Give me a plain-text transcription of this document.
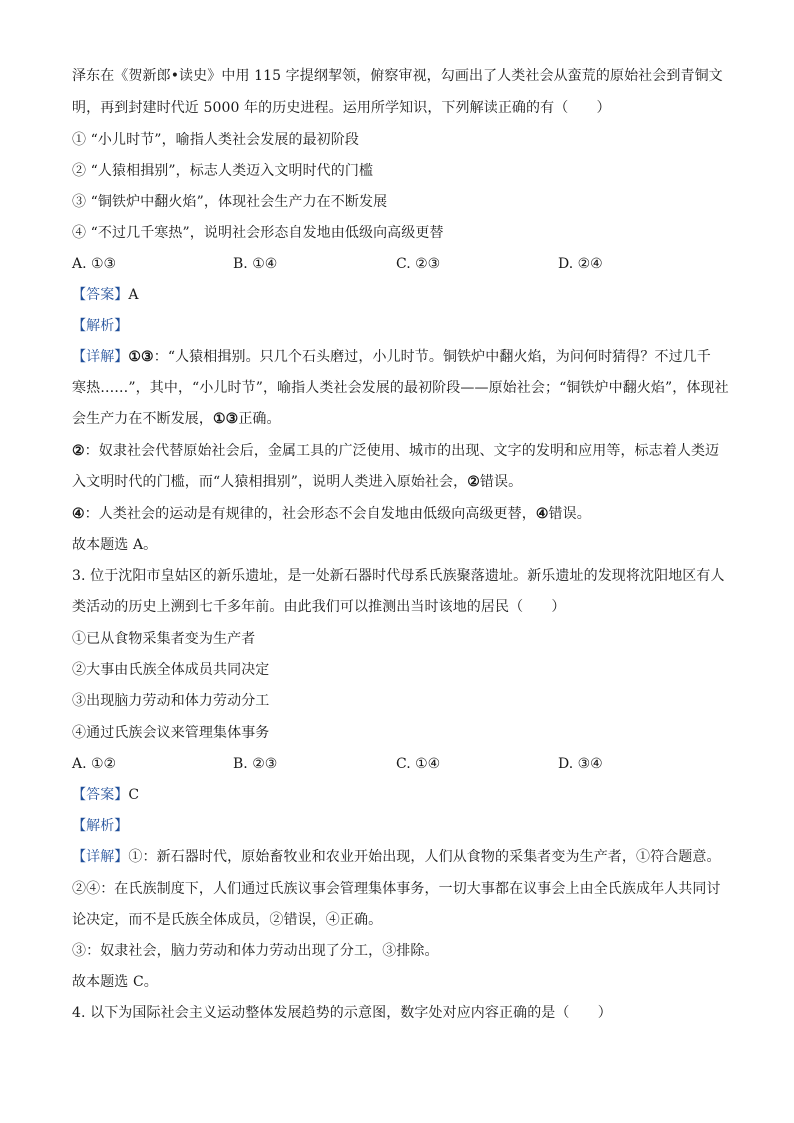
泽东在《贺新郎•读史》中用 115 字提纲挈领，俯察审视，勾画出了人类社会从蛮荒的原始社会到青铜文
明，再到封建时代近 5000 年的历史进程。运用所学知识，下列解读正确的有（　　）
① “小儿时节”，喻指人类社会发展的最初阶段
② “人猿相揖别”，标志人类迈入文明时代的门槛
③ “铜铁炉中翻火焰”，体现社会生产力在不断发展
④ “不过几千寒热”，说明社会形态自发地由低级向高级更替
A. ①③	B. ①④	C. ②③	D. ②④
【答案】A
【解析】
【详解】①③：“人猿相揖别。只几个石头磨过，小儿时节。铜铁炉中翻火焰，为问何时猜得？不过几千
寒热……”，其中，“小儿时节”，喻指人类社会发展的最初阶段——原始社会；“铜铁炉中翻火焰”，体现社
会生产力在不断发展，①③正确。
②：奴隶社会代替原始社会后，金属工具的广泛使用、城市的出现、文字的发明和应用等，标志着人类迈
入文明时代的门槛，而“人猿相揖别”，说明人类进入原始社会，②错误。
④：人类社会的运动是有规律的，社会形态不会自发地由低级向高级更替，④错误。
故本题选 A。
3. 位于沈阳市皇姑区的新乐遗址，是一处新石器时代母系氏族聚落遗址。新乐遗址的发现将沈阳地区有人
类活动的历史上溯到七千多年前。由此我们可以推测出当时该地的居民（　　）
①已从食物采集者变为生产者
②大事由氏族全体成员共同决定
③出现脑力劳动和体力劳动分工
④通过氏族会议来管理集体事务
A. ①②	B. ②③	C. ①④	D. ③④
【答案】C
【解析】
【详解】①：新石器时代，原始畜牧业和农业开始出现，人们从食物的采集者变为生产者，①符合题意。
②④：在氏族制度下，人们通过氏族议事会管理集体事务，一切大事都在议事会上由全氏族成年人共同讨
论决定，而不是氏族全体成员，②错误，④正确。
③：奴隶社会，脑力劳动和体力劳动出现了分工，③排除。
故本题选 C。
4. 以下为国际社会主义运动整体发展趋势的示意图，数字处对应内容正确的是（　　）
